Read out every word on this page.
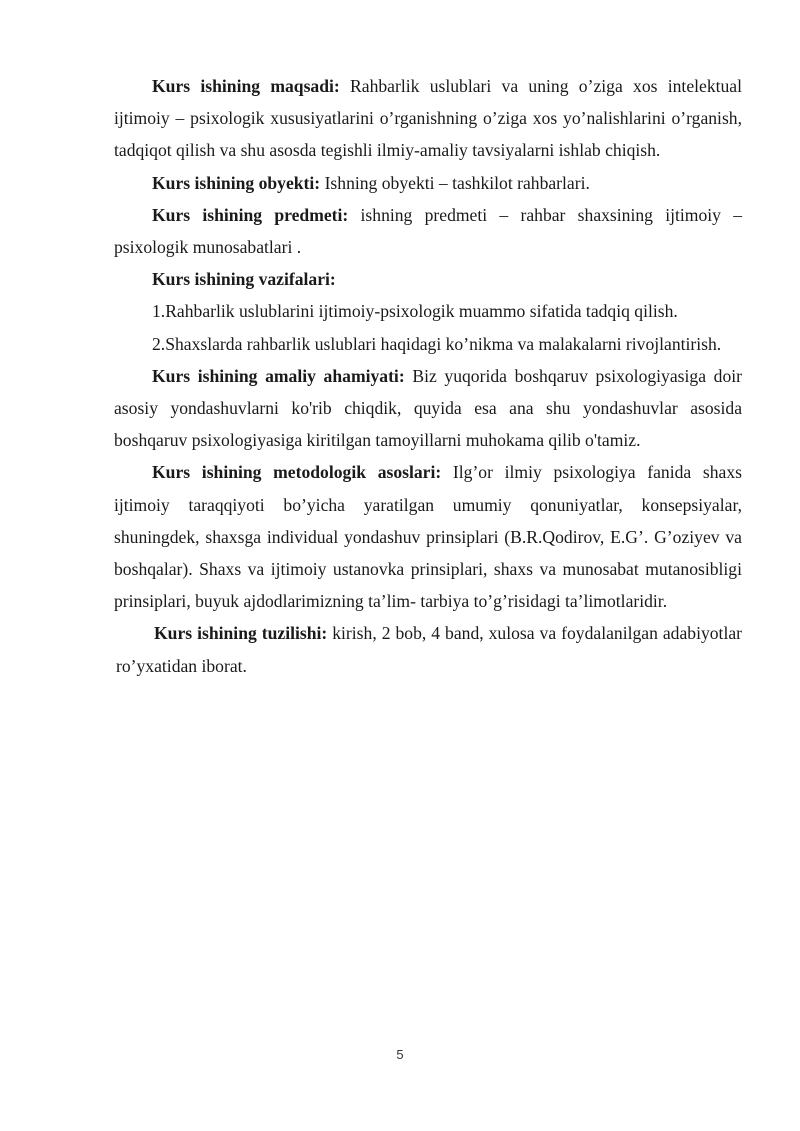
Kurs ishining maqsadi: Rahbarlik uslublari va uning o’ziga xos intelektual ijtimoiy – psixologik xususiyatlarini o’rganishning o’ziga xos yo’nalishlarini o’rganish, tadqiqot qilish va shu asosda tegishli ilmiy-amaliy tavsiyalarni ishlab chiqish.

Kurs ishining obyekti: Ishning obyekti – tashkilot rahbarlari.

Kurs ishining predmeti: ishning predmeti – rahbar shaxsining ijtimoiy – psixologik munosabatlari .

Kurs ishining vazifalari:

1.Rahbarlik uslublarini ijtimoiy-psixologik muammo sifatida tadqiq qilish.

2.Shaxslarda rahbarlik uslublari haqidagi ko’nikma va malakalarni rivojlantirish.

Kurs ishining amaliy ahamiyati: Biz yuqorida boshqaruv psixologiyasiga doir asosiy yondashuvlarni ko'rib chiqdik, quyida esa ana shu yondashuvlar asosida boshqaruv psixologiyasiga kiritilgan tamoyillarni muhokama qilib o'tamiz.

Kurs ishining metodologik asoslari: Ilg’or ilmiy psixologiya fanida shaxs ijtimoiy taraqqiyoti bo’yicha yaratilgan umumiy qonuniyatlar, konsepsiyalar, shuningdek, shaxsga individual yondashuv prinsiplari (B.R.Qodirov, E.G’. G’oziyev va boshqalar). Shaxs va ijtimoiy ustanovka prinsiplari, shaxs va munosabat mutanosibligi prinsiplari, buyuk ajdodlarimizning ta’lim- tarbiya to’g’risidagi ta’limotlaridir.

Kurs ishining tuzilishi: kirish, 2 bob, 4 band, xulosa va foydalanilgan adabiyotlar ro’yxatidan iborat.

5
